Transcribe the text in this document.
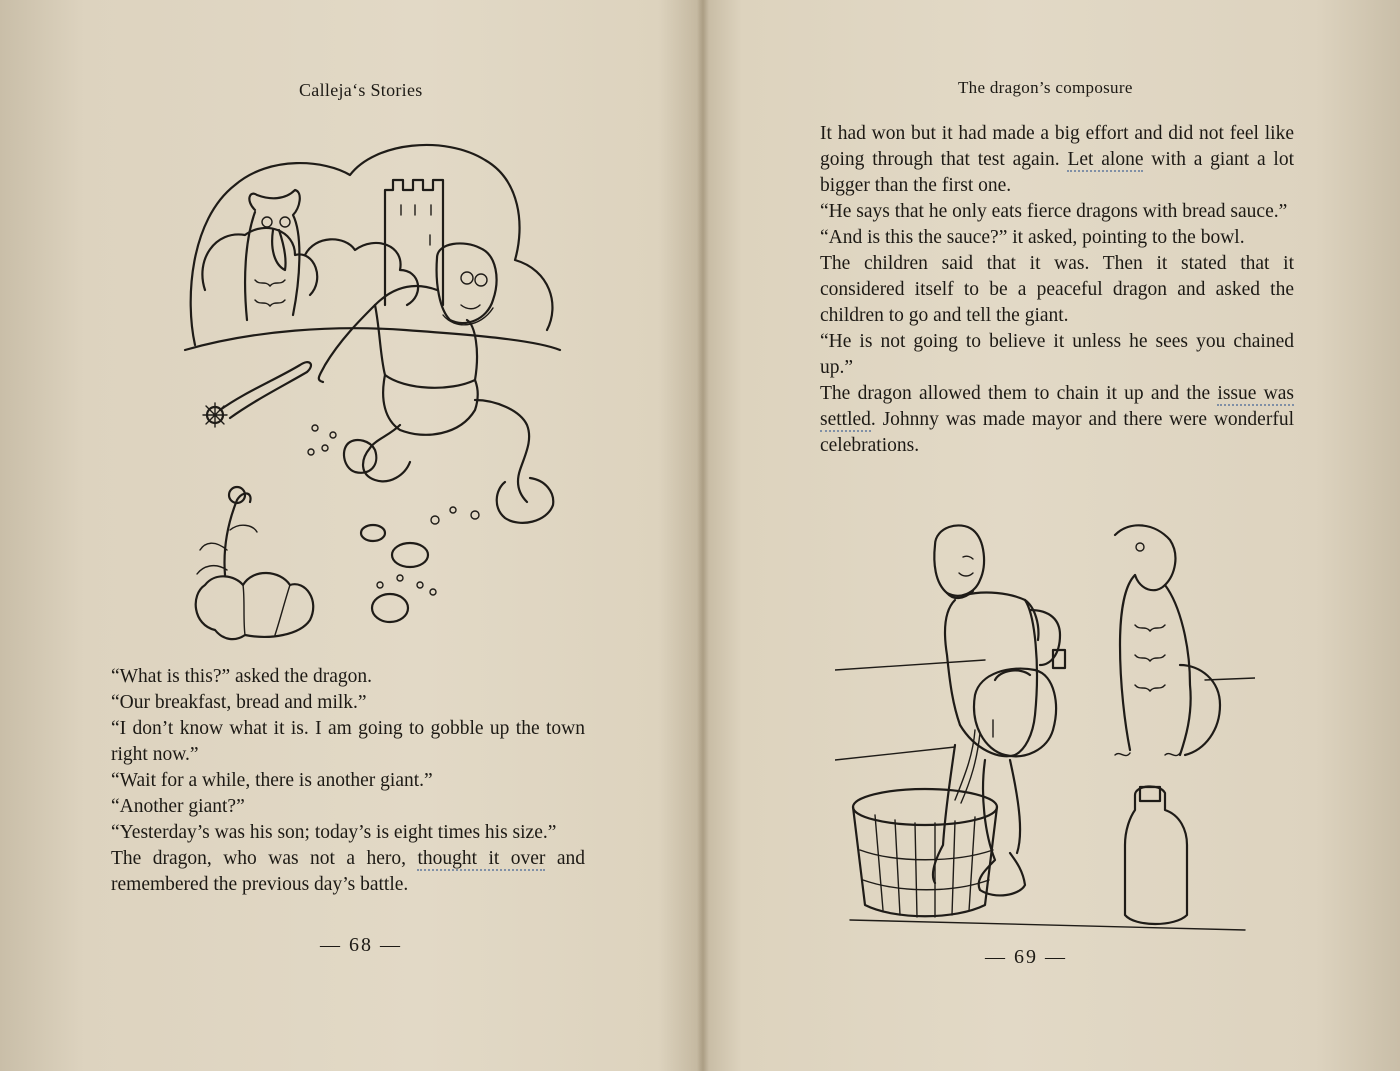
Calleja‘s Stories

“What is this?” asked the dragon.

“Our breakfast, bread and milk.”

“I don’t know what it is. I am going to gobble up the town right now.”

“Wait for a while, there is another giant.”

“Another giant?”

“Yesterday’s was his son; today’s is eight times his size.”

The dragon, who was not a hero, thought it over and remembered the previous day’s battle.

— 68 —
The dragon’s composure

It had won but it had made a big effort and did not feel like going through that test again. Let alone with a giant a lot bigger than the first one.

“He says that he only eats fierce dragons with bread sauce.”

“And is this the sauce?” it asked, pointing to the bowl.

The children said that it was. Then it stated that it considered itself to be a peaceful dragon and asked the children to go and tell the giant.

“He is not going to believe it unless he sees you chained up.”

The dragon allowed them to chain it up and the issue was settled. Johnny was made mayor and there were wonderful celebrations.

— 69 —
